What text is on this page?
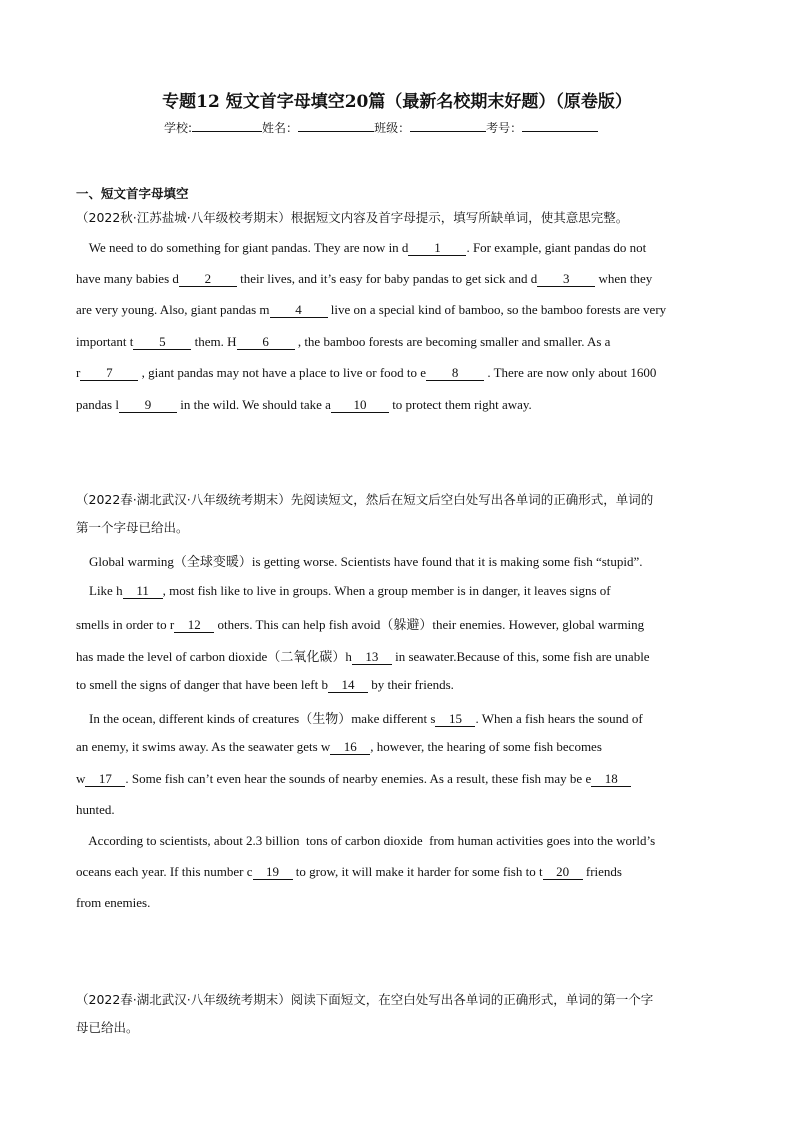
专题12 短文首字母填空20篇（最新名校期末好题）（原卷版）
学校:	姓名：	班级：	考号：
一、短文首字母填空
（2022秋·江苏盐城·八年级校考期末）根据短文内容及首字母提示，填写所缺单词，使其意思完整。
We need to do something for giant pandas. They are now in d 1 . For example, giant pandas do not
have many babies d 2 their lives, and it’s easy for baby pandas to get sick and d 3 when they
are very young. Also, giant pandas m 4 live on a special kind of bamboo, so the bamboo forests are very
important t 5 them. H 6 , the bamboo forests are becoming smaller and smaller. As a
r 7 , giant pandas may not have a place to live or food to e 8 . There are now only about 1600
pandas l 9 in the wild. We should take a 10 to protect them right away.
（2022春·湖北武汉·八年级统考期末）先阅读短文，然后在短文后空白处写出各单词的正确形式，单词的
第一个字母已给出。
Global warming（全球变暖）is getting worse. Scientists have found that it is making some fish “stupid”.
Like h 11 , most fish like to live in groups. When a group member is in danger, it leaves signs of
smells in order to r 12 others. This can help fish avoid（躲避）their enemies. However, global warming
has made the level of carbon dioxide（二氧化碳）h 13 in seawater.Because of this, some fish are unable
to smell the signs of danger that have been left b 14 by their friends.
In the ocean, different kinds of creatures（生物）make different s 15 . When a fish hears the sound of
an enemy, it swims away. As the seawater gets w 16 , however, the hearing of some fish becomes
w 17 . Some fish can’t even hear the sounds of nearby enemies. As a result, these fish may be e 18
hunted.
According to scientists, about 2.3 billion  tons of carbon dioxide  from human activities goes into the world’s
oceans each year. If this number c 19 to grow, it will make it harder for some fish to t 20 friends
from enemies.
（2022春·湖北武汉·八年级统考期末）阅读下面短文，在空白处写出各单词的正确形式，单词的第一个字
母已给出。
